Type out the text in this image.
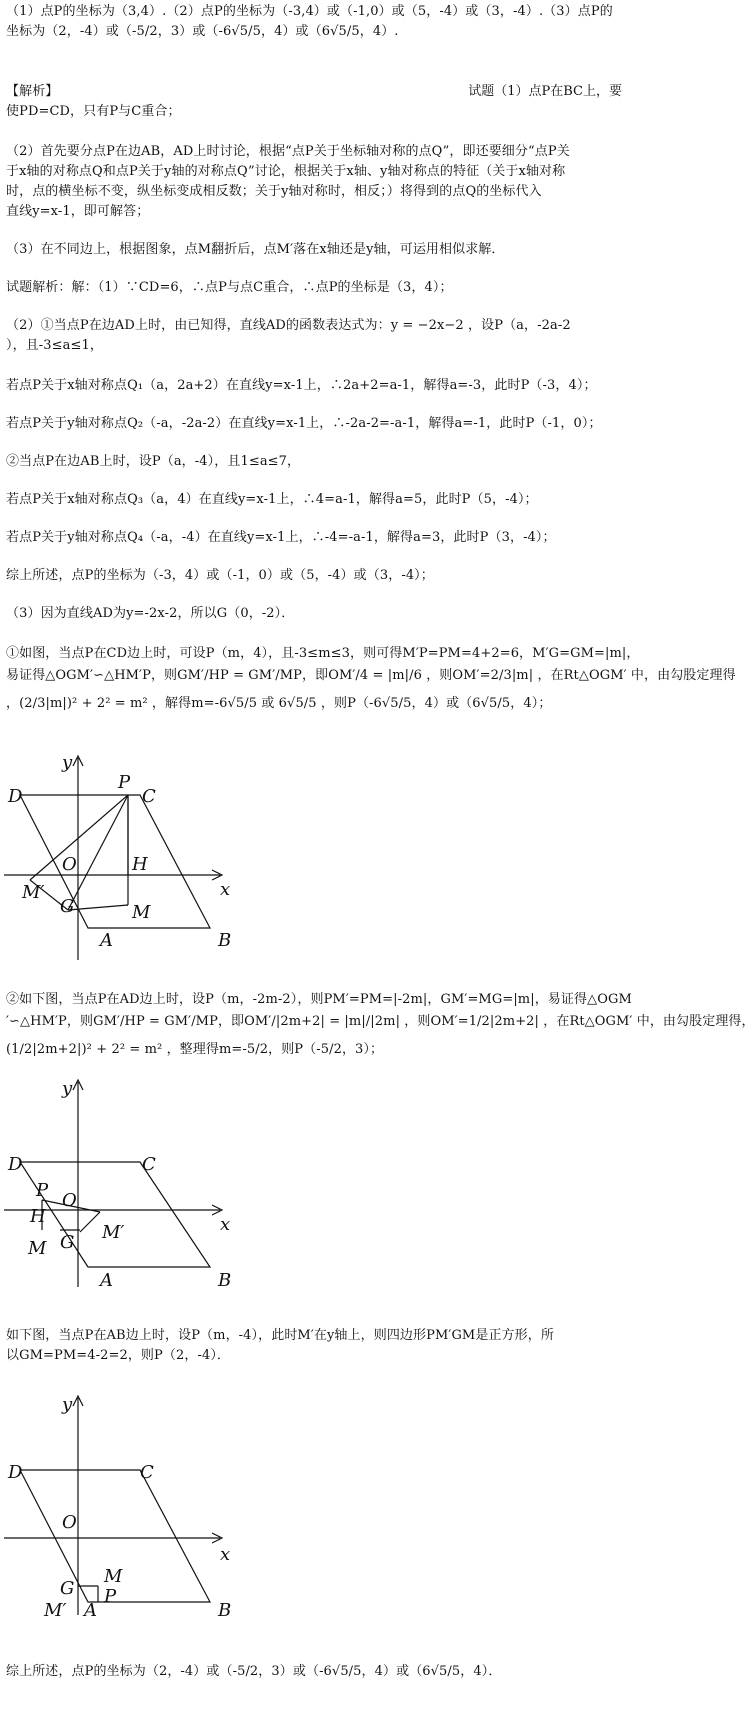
（1）点P的坐标为（3,4）.（2）点P的坐标为（-3,4）或（-1,0）或（5，-4）或（3，-4）.（3）点P的
坐标为（2，-4）或（-5/2，3）或（-6√5/5，4）或（6√5/5，4）.
【解析】	试题（1）点P在BC上，要
使PD=CD，只有P与C重合；
（2）首先要分点P在边AB，AD上时讨论，根据“点P关于坐标轴对称的点Q”，即还要细分“点P关
于x轴的对称点Q和点P关于y轴的对称点Q”讨论，根据关于x轴、y轴对称点的特征（关于x轴对称
时，点的横坐标不变，纵坐标变成相反数；关于y轴对称时，相反；）将得到的点Q的坐标代入
直线y=x-1，即可解答；
（3）在不同边上，根据图象，点M翻折后，点M′落在x轴还是y轴，可运用相似求解．
试题解析：解：（1）∵CD=6，∴点P与点C重合，∴点P的坐标是（3，4）；
（2）①当点P在边AD上时，由已知得，直线AD的函数表达式为：y = −2x−2 ，设P（a，-2a-2
），且-3≤a≤1，
若点P关于x轴对称点Q₁（a，2a+2）在直线y=x-1上，∴2a+2=a-1，解得a=-3，此时P（-3，4）；
若点P关于y轴对称点Q₂（-a，-2a-2）在直线y=x-1上，∴-2a-2=-a-1，解得a=-1，此时P（-1，0）；
②当点P在边AB上时，设P（a，-4），且1≤a≤7，
若点P关于x轴对称点Q₃（a，4）在直线y=x-1上，∴4=a-1，解得a=5，此时P（5，-4）；
若点P关于y轴对称点Q₄（-a，-4）在直线y=x-1上，∴-4=-a-1，解得a=3，此时P（3，-4）；
综上所述，点P的坐标为（-3，4）或（-1，0）或（5，-4）或（3，-4）；
（3）因为直线AD为y=-2x-2，所以G（0，-2）．
①如图，当点P在CD边上时，可设P（m，4），且-3≤m≤3，则可得M′P=PM=4+2=6，M′G=GM=|m|，
易证得△OGM′∽△HM′P，则GM′/HP = GM′/MP，即OM′/4 = |m|/6 ，则OM′=2/3|m| ，在Rt△OGM′ 中，由勾股定理得
，(2/3|m|)² + 2² = m² ，解得m=-6√5/5 或 6√5/5 ，则P（-6√5/5，4）或（6√5/5，4）；
y
x
D
P
C
O	H
M′
G	M
A	B
②如下图，当点P在AD边上时，设P（m，-2m-2），则PM′=PM=|-2m|，GM′=MG=|m|，易证得△OGM
′∽△HM′P，则GM′/HP = GM′/MP，即OM′/|2m+2| = |m|/|2m| ，则OM′=1/2|2m+2| ，在Rt△OGM′ 中，由勾股定理得，
(1/2|2m+2|)² + 2² = m² ，整理得m=-5/2，则P（-5/2，3）；
y
x
D	C
P O
H
M′
G
M
A	B
如下图，当点P在AB边上时，设P（m，-4），此时M′在y轴上，则四边形PM′GM是正方形，所
以GM=PM=4-2=2，则P（2，-4）．
y
x
D	C
O
M
G P
M′ A	B
综上所述，点P的坐标为（2，-4）或（-5/2，3）或（-6√5/5，4）或（6√5/5，4）．
